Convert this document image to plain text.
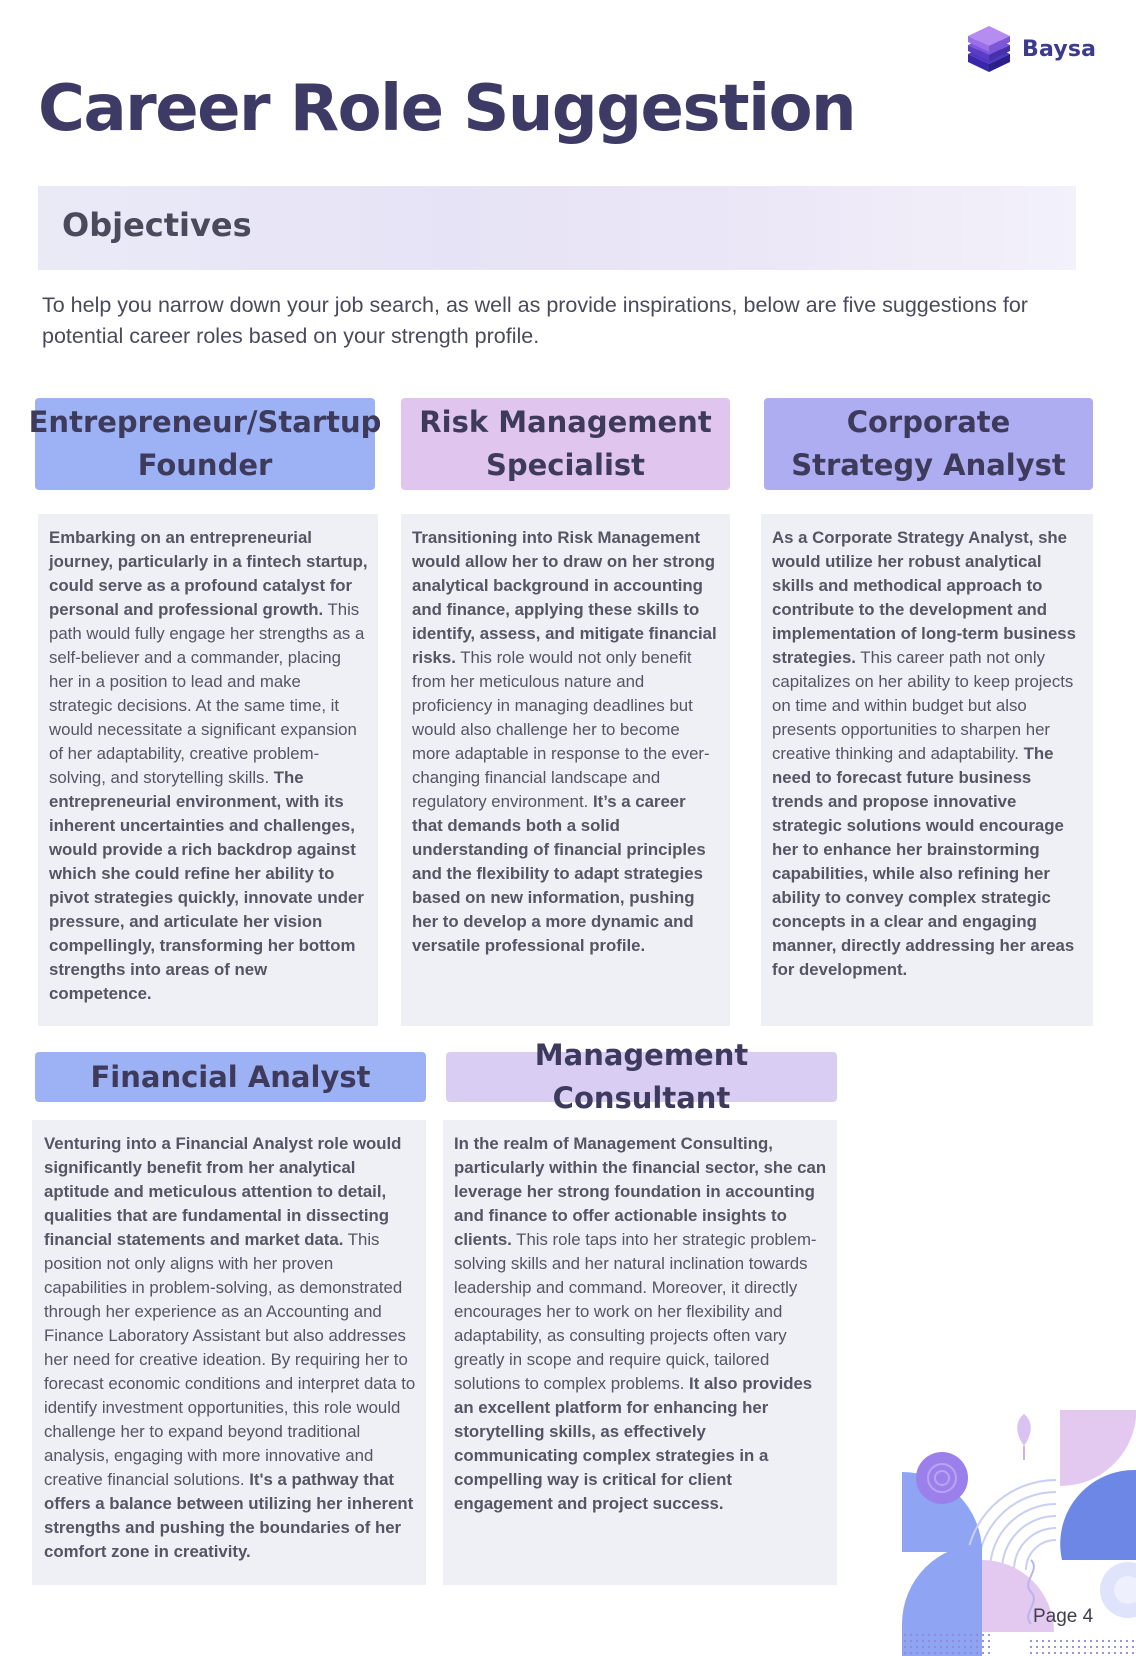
Baysa
Career Role Suggestion
Objectives

To help you narrow down your job search, as well as provide inspirations, below are five suggestions for potential career roles based on your strength profile.

Entrepreneur/Startup Founder
Embarking on an entrepreneurial journey, particularly in a fintech startup, could serve as a profound catalyst for personal and professional growth. This path would fully engage her strengths as a self-believer and a commander, placing her in a position to lead and make strategic decisions. At the same time, it would necessitate a significant expansion of her adaptability, creative problem-solving, and storytelling skills. The entrepreneurial environment, with its inherent uncertainties and challenges, would provide a rich backdrop against which she could refine her ability to pivot strategies quickly, innovate under pressure, and articulate her vision compellingly, transforming her bottom strengths into areas of new competence.
Risk Management Specialist
Transitioning into Risk Management would allow her to draw on her strong analytical background in accounting and finance, applying these skills to identify, assess, and mitigate financial risks. This role would not only benefit from her meticulous nature and proficiency in managing deadlines but would also challenge her to become more adaptable in response to the ever-changing financial landscape and regulatory environment. It’s a career that demands both a solid understanding of financial principles and the flexibility to adapt strategies based on new information, pushing her to develop a more dynamic and versatile professional profile.
Corporate Strategy Analyst
As a Corporate Strategy Analyst, she would utilize her robust analytical skills and methodical approach to contribute to the development and implementation of long-term business strategies. This career path not only capitalizes on her ability to keep projects on time and within budget but also presents opportunities to sharpen her creative thinking and adaptability. The need to forecast future business trends and propose innovative strategic solutions would encourage her to enhance her brainstorming capabilities, while also refining her ability to convey complex strategic concepts in a clear and engaging manner, directly addressing her areas for development.
Financial Analyst
Venturing into a Financial Analyst role would significantly benefit from her analytical aptitude and meticulous attention to detail, qualities that are fundamental in dissecting financial statements and market data. This position not only aligns with her proven capabilities in problem-solving, as demonstrated through her experience as an Accounting and Finance Laboratory Assistant but also addresses her need for creative ideation. By requiring her to forecast economic conditions and interpret data to identify investment opportunities, this role would challenge her to expand beyond traditional analysis, engaging with more innovative and creative financial solutions. It's a pathway that offers a balance between utilizing her inherent strengths and pushing the boundaries of her comfort zone in creativity.
Management Consultant
In the realm of Management Consulting, particularly within the financial sector, she can leverage her strong foundation in accounting and finance to offer actionable insights to clients. This role taps into her strategic problem-solving skills and her natural inclination towards leadership and command. Moreover, it directly encourages her to work on her flexibility and adaptability, as consulting projects often vary greatly in scope and require quick, tailored solutions to complex problems. It also provides an excellent platform for enhancing her storytelling skills, as effectively communicating complex strategies in a compelling way is critical for client engagement and project success.
Page 4
